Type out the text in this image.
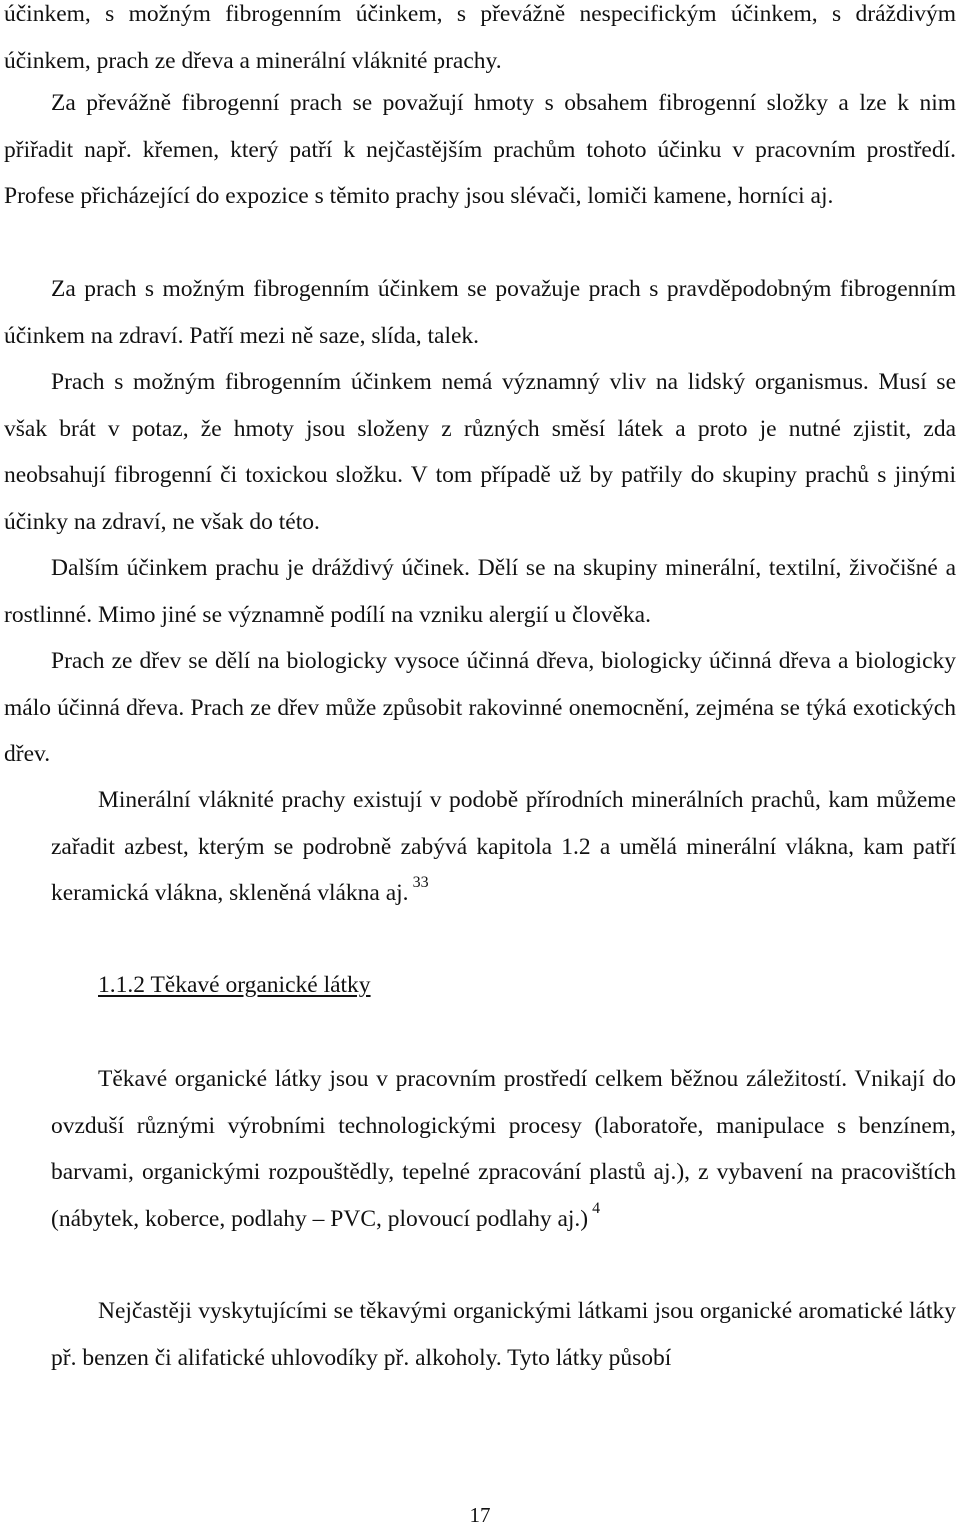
účinkem, s možným fibrogenním účinkem, s převážně nespecifickým účinkem, s dráždivým účinkem, prach ze dřeva a minerální vláknité prachy.

Za převážně fibrogenní prach se považují hmoty s obsahem fibrogenní složky a lze k nim přiřadit např. křemen, který patří k nejčastějším prachům tohoto účinku v pracovním prostředí. Profese přicházející do expozice s těmito prachy jsou slévači, lomiči kamene, horníci aj.

Za prach s možným fibrogenním účinkem se považuje prach s pravděpodobným fibrogenním účinkem na zdraví. Patří mezi ně saze, slída, talek.

Prach s možným fibrogenním účinkem nemá významný vliv na lidský organismus. Musí se však brát v potaz, že hmoty jsou složeny z různých směsí látek a proto je nutné zjistit, zda neobsahují fibrogenní či toxickou složku. V tom případě už by patřily do skupiny prachů s jinými účinky na zdraví, ne však do této.

Dalším účinkem prachu je dráždivý účinek. Dělí se na skupiny minerální, textilní, živočišné a rostlinné. Mimo jiné se významně podílí na vzniku alergií u člověka.

Prach ze dřev se dělí na biologicky vysoce účinná dřeva, biologicky účinná dřeva a biologicky málo účinná dřeva. Prach ze dřev může způsobit rakovinné onemocnění, zejména se týká exotických dřev.

Minerální vláknité prachy existují v podobě přírodních minerálních prachů, kam můžeme zařadit azbest, kterým se podrobně zabývá kapitola 1.2 a umělá minerální vlákna, kam patří keramická vlákna, skleněná vlákna aj. $^{33}$

1.1.2 Těkavé organické látky

Těkavé organické látky jsou v pracovním prostředí celkem běžnou záležitostí. Vnikají do ovzduší různými výrobními technologickými procesy (laboratoře, manipulace s benzínem, barvami, organickými rozpouštědly, tepelné zpracování plastů aj.), z vybavení na pracovištích (nábytek, koberce, podlahy – PVC, plovoucí podlahy aj.) $^4$

Nejčastěji vyskytujícími se těkavými organickými látkami jsou organické aromatické látky př. benzen či alifatické uhlovodíky př. alkoholy. Tyto látky působí

17
